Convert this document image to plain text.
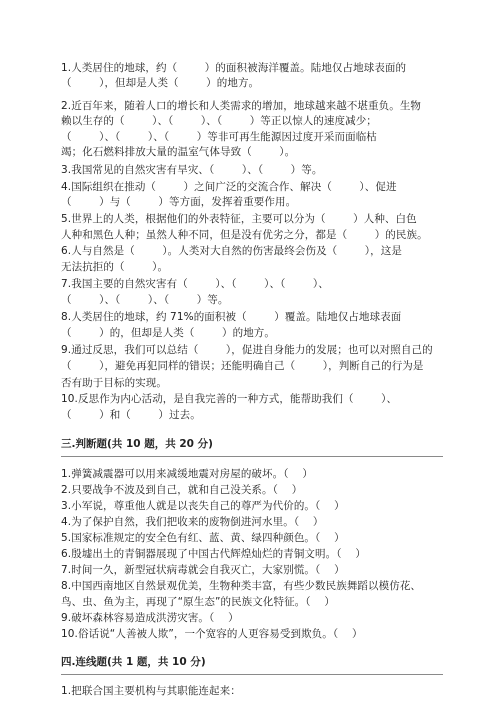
1.人类居住的地球，约（        ）的面积被海洋覆盖。陆地仅占地球表面的
（        ），但却是人类（        ）的地方。
2.近百年来，随着人口的增长和人类需求的增加，地球越来越不堪重负。生物
赖以生存的（        ）、（        ）、（        ）等正以惊人的速度减少；
（        ）、（        ）、（        ）等非可再生能源因过度开采而面临枯
竭；化石燃料排放大量的温室气体导致（        ）。
3.我国常见的自然灾害有旱灾、（        ）、（        ）等。
4.国际组织在推动（        ）之间广泛的交流合作、解决（        ）、促进
（        ）与（        ）等方面，发挥着重要作用。
5.世界上的人类，根据他们的外表特征，主要可以分为（        ）人种、白色
人种和黑色人种；虽然人种不同，但是没有优劣之分，都是（        ）的民族。
6.人与自然是（        ）。人类对大自然的伤害最终会伤及（        ），这是
无法抗拒的（        ）。
7.我国主要的自然灾害有（        ）、（        ）、（        ）、
（        ）、（        ）、（        ）等。
8.人类居住的地球，约 71%的面积被（        ）覆盖。陆地仅占地球表面
（        ）的，但却是人类（        ）的地方。
9.通过反思，我们可以总结（        ），促进自身能力的发展；也可以对照自己的
（        ），避免再犯同样的错误；还能明确自己（        ），判断自己的行为是
否有助于目标的实现。
10.反思作为内心活动，是自我完善的一种方式，能帮助我们（        ）、
（        ）和（        ）过去。
三.判断题(共 10 题，共 20 分)
1.弹簧减震器可以用来减缓地震对房屋的破坏。（    ）
2.只要战争不波及到自己，就和自己没关系。（    ）
3.小军说，尊重他人就是以丧失自己的尊严为代价的。（    ）
4.为了保护自然，我们把收来的废物倒进河水里。（    ）
5.国家标准规定的安全色有红、蓝、黄、绿四种颜色。（    ）
6.殷墟出土的青铜器展现了中国古代辉煌灿烂的青铜文明。（    ）
7.时间一久，新型冠状病毒就会自我灭亡，大家别慌。（    ）
8.中国西南地区自然景观优美，生物种类丰富，有些少数民族舞蹈以模仿花、
鸟、虫、鱼为主，再现了“原生态”的民族文化特征。（    ）
9.破坏森林容易造成洪涝灾害。（    ）
10.俗话说“人善被人欺”，一个宽容的人更容易受到欺负。（    ）
四.连线题(共 1 题，共 10 分)
1.把联合国主要机构与其职能连起来：
